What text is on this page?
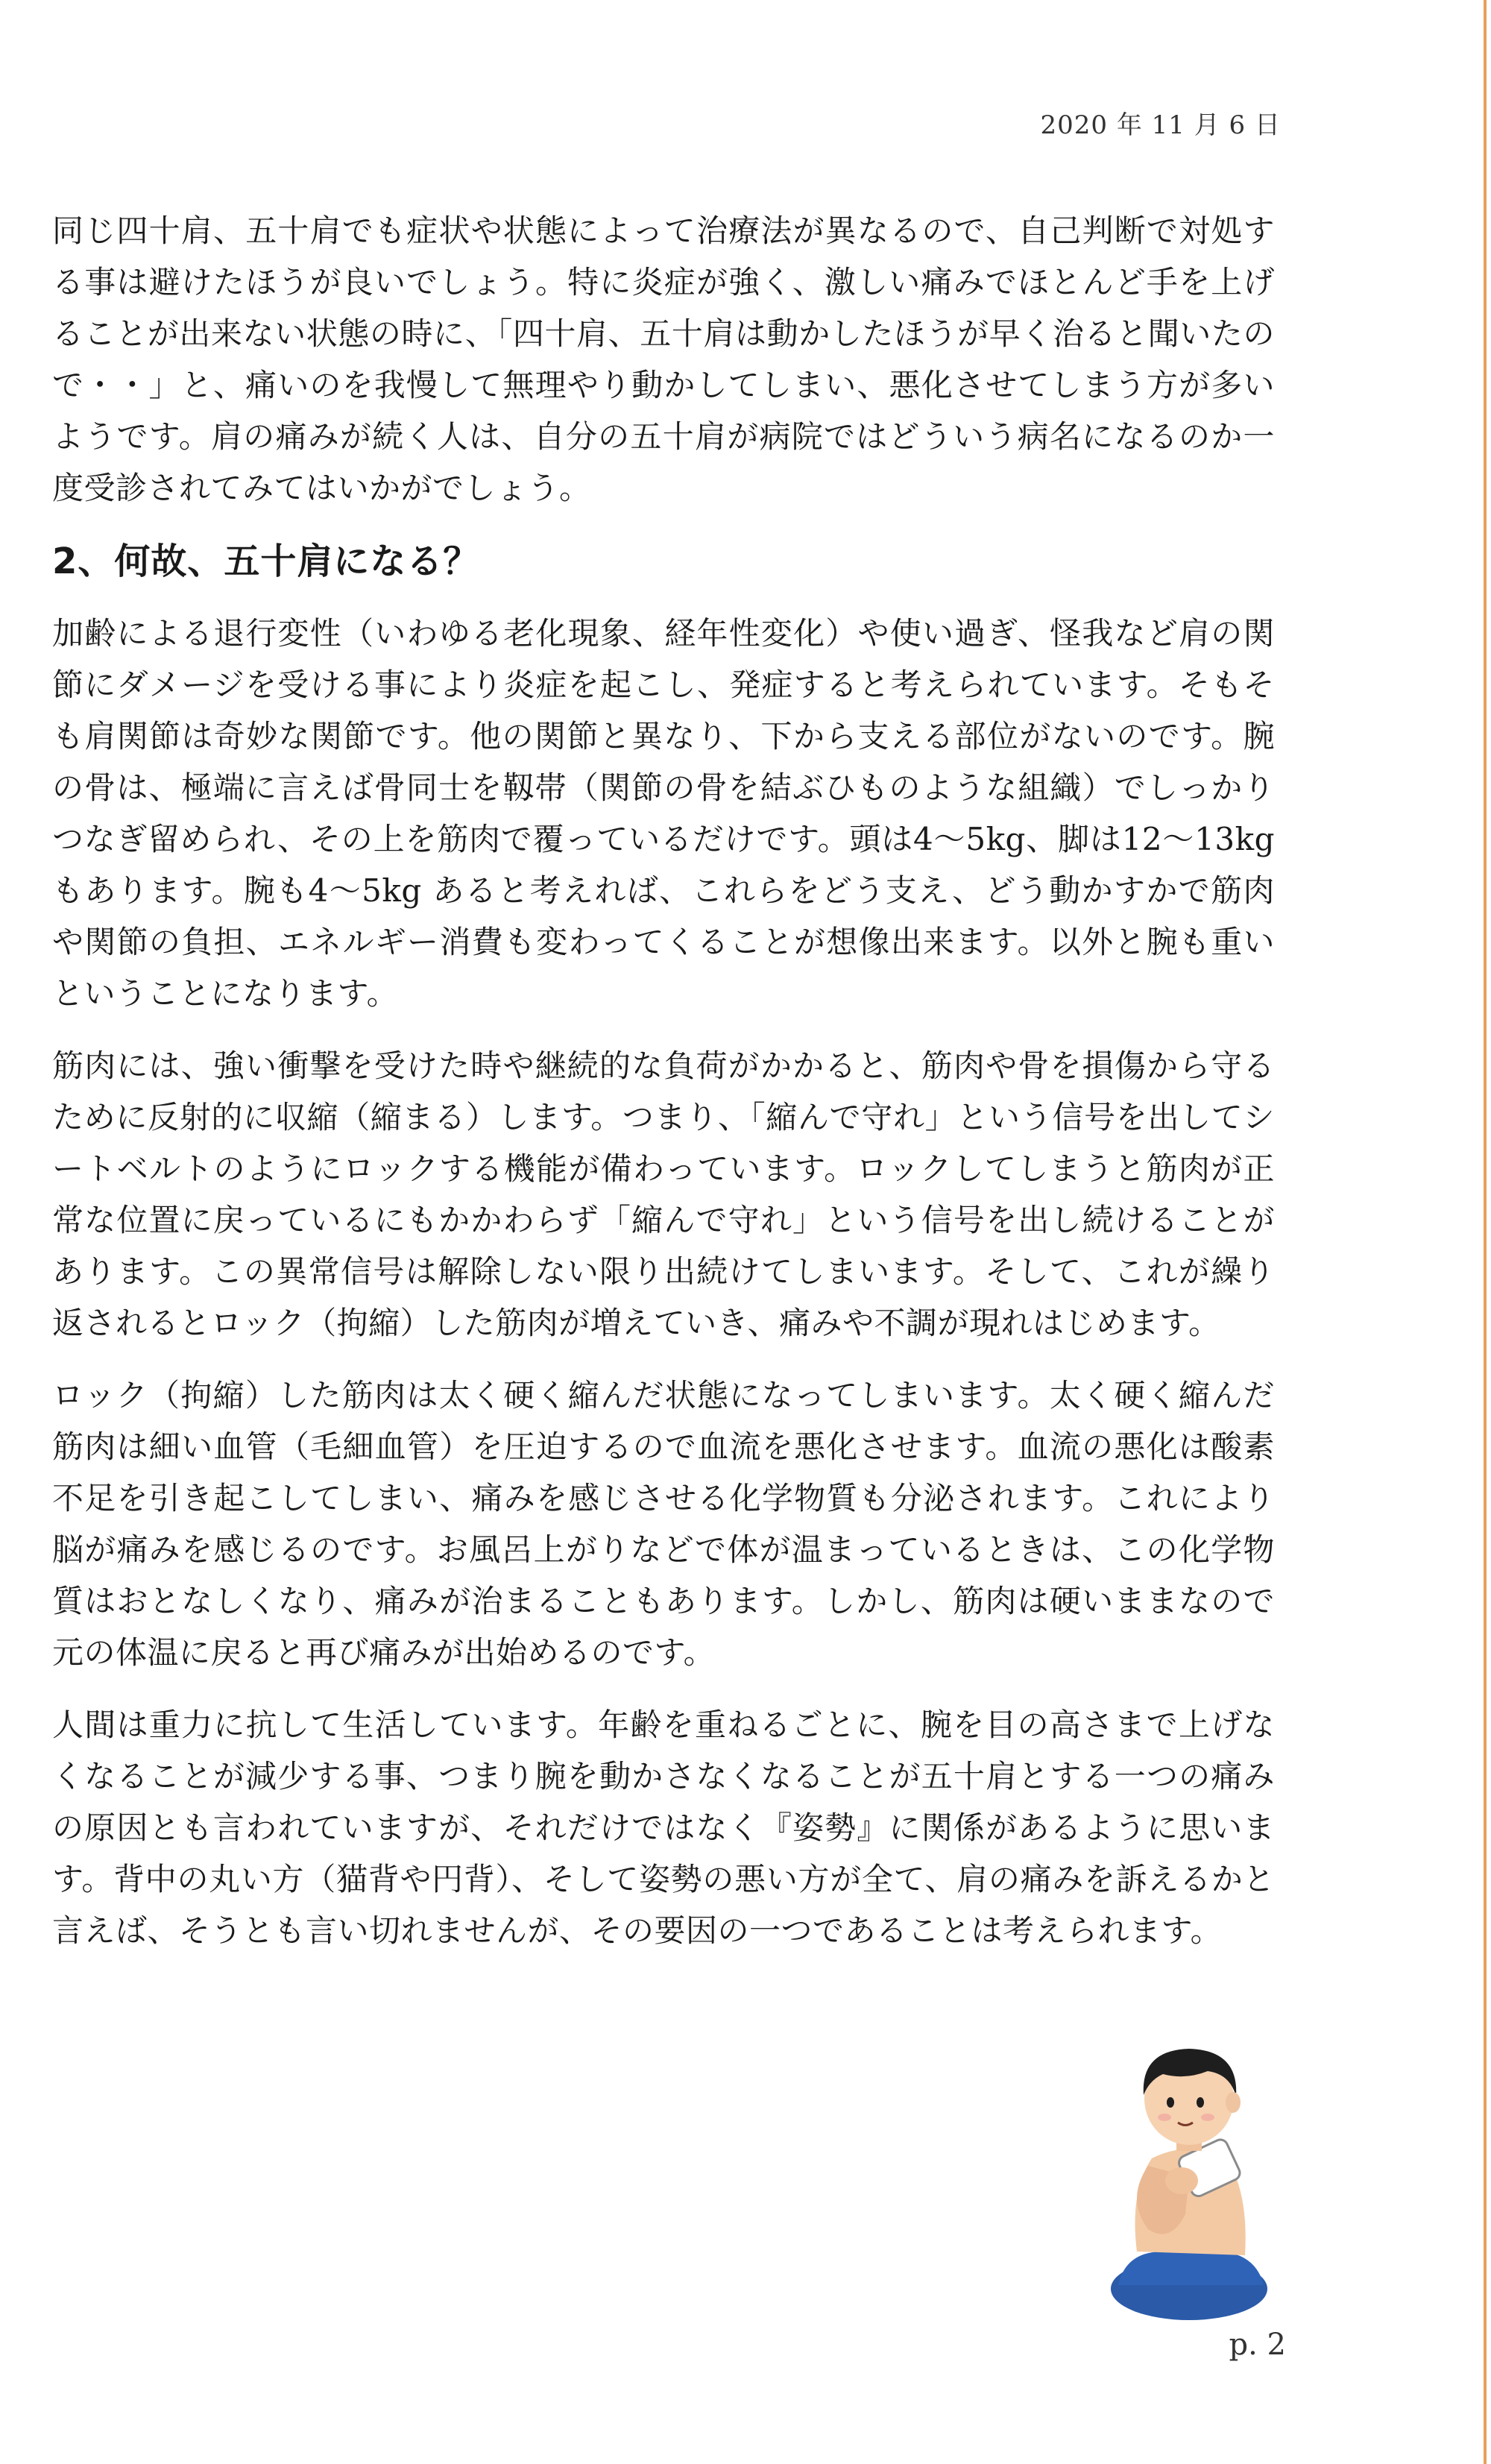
2020 年 11 月 6 日

同じ四十肩、五十肩でも症状や状態によって治療法が異なるので、自己判断で対処する事は避けたほうが良いでしょう。特に炎症が強く、激しい痛みでほとんど手を上げることが出来ない状態の時に、「四十肩、五十肩は動かしたほうが早く治ると聞いたので・・」と、痛いのを我慢して無理やり動かしてしまい、悪化させてしまう方が多いようです。肩の痛みが続く人は、自分の五十肩が病院ではどういう病名になるのか一度受診されてみてはいかがでしょう。

2、何故、五十肩になる？

加齢による退行変性（いわゆる老化現象、経年性変化）や使い過ぎ、怪我など肩の関節にダメージを受ける事により炎症を起こし、発症すると考えられています。そもそも肩関節は奇妙な関節です。他の関節と異なり、下から支える部位がないのです。腕の骨は、極端に言えば骨同士を靱帯（関節の骨を結ぶひものような組織）でしっかりつなぎ留められ、その上を筋肉で覆っているだけです。頭は4〜5kg、脚は12〜13kg もあります。腕も4〜5kg あると考えれば、これらをどう支え、どう動かすかで筋肉や関節の負担、エネルギー消費も変わってくることが想像出来ます。以外と腕も重いということになります。

筋肉には、強い衝撃を受けた時や継続的な負荷がかかると、筋肉や骨を損傷から守るために反射的に収縮（縮まる）します。つまり、「縮んで守れ」という信号を出してシートベルトのようにロックする機能が備わっています。ロックしてしまうと筋肉が正常な位置に戻っているにもかかわらず「縮んで守れ」という信号を出し続けることがあります。この異常信号は解除しない限り出続けてしまいます。そして、これが繰り返されるとロック（拘縮）した筋肉が増えていき、痛みや不調が現れはじめます。

ロック（拘縮）した筋肉は太く硬く縮んだ状態になってしまいます。太く硬く縮んだ筋肉は細い血管（毛細血管）を圧迫するので血流を悪化させます。血流の悪化は酸素不足を引き起こしてしまい、痛みを感じさせる化学物質も分泌されます。これにより脳が痛みを感じるのです。お風呂上がりなどで体が温まっているときは、この化学物質はおとなしくなり、痛みが治まることもあります。しかし、筋肉は硬いままなので元の体温に戻ると再び痛みが出始めるのです。

人間は重力に抗して生活しています。年齢を重ねるごとに、腕を目の高さまで上げなくなることが減少する事、つまり腕を動かさなくなることが五十肩とする一つの痛みの原因とも言われていますが、それだけではなく『姿勢』に関係があるように思います。背中の丸い方（猫背や円背）、そして姿勢の悪い方が全て、肩の痛みを訴えるかと言えば、そうとも言い切れませんが、その要因の一つであることは考えられます。

p. 2
